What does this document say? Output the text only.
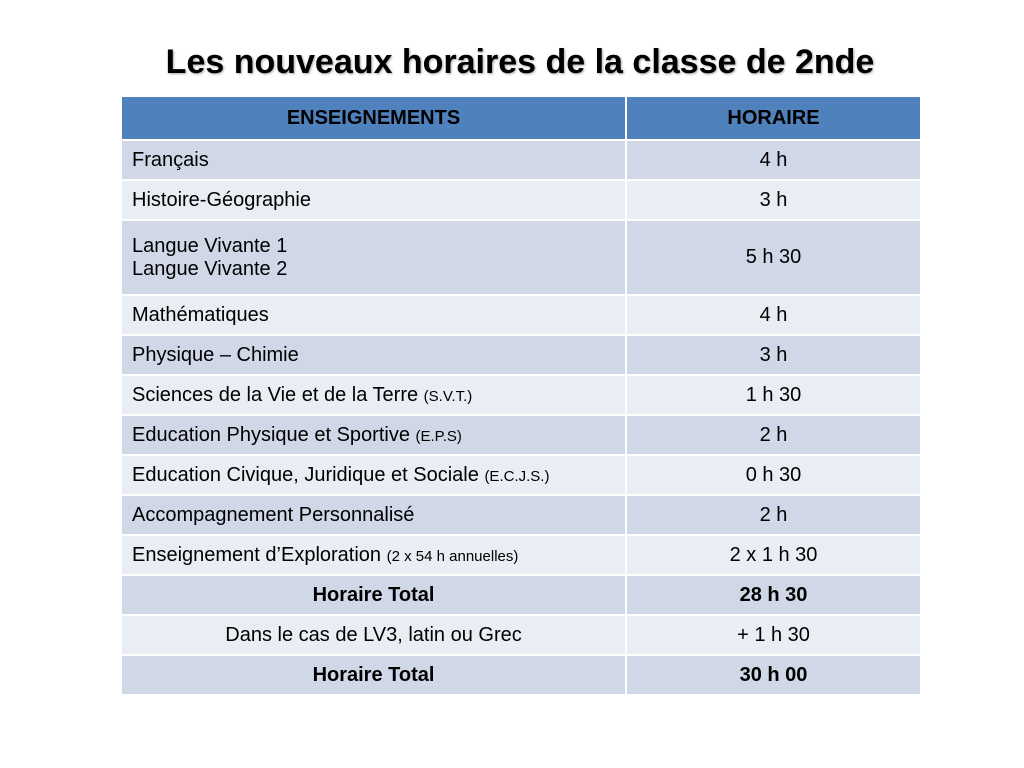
Les nouveaux horaires de la classe de 2nde
ENSEIGNEMENTS	HORAIRE
Français	4 h
Histoire-Géographie	3 h

Langue Vivante 1
Langue Vivante 2	5 h 30
Mathématiques	4 h
Physique – Chimie	3 h
Sciences de la Vie et de la Terre (S.V.T.)	1 h 30
Education Physique et Sportive (E.P.S)	2 h
Education Civique, Juridique et Sociale (E.C.J.S.)	0 h 30
Accompagnement Personnalisé	2 h
Enseignement d’Exploration (2 x 54 h annuelles)	2 x 1 h 30
Horaire Total	28 h 30
Dans le cas de LV3, latin ou Grec	+ 1 h 30
Horaire Total	30 h 00
